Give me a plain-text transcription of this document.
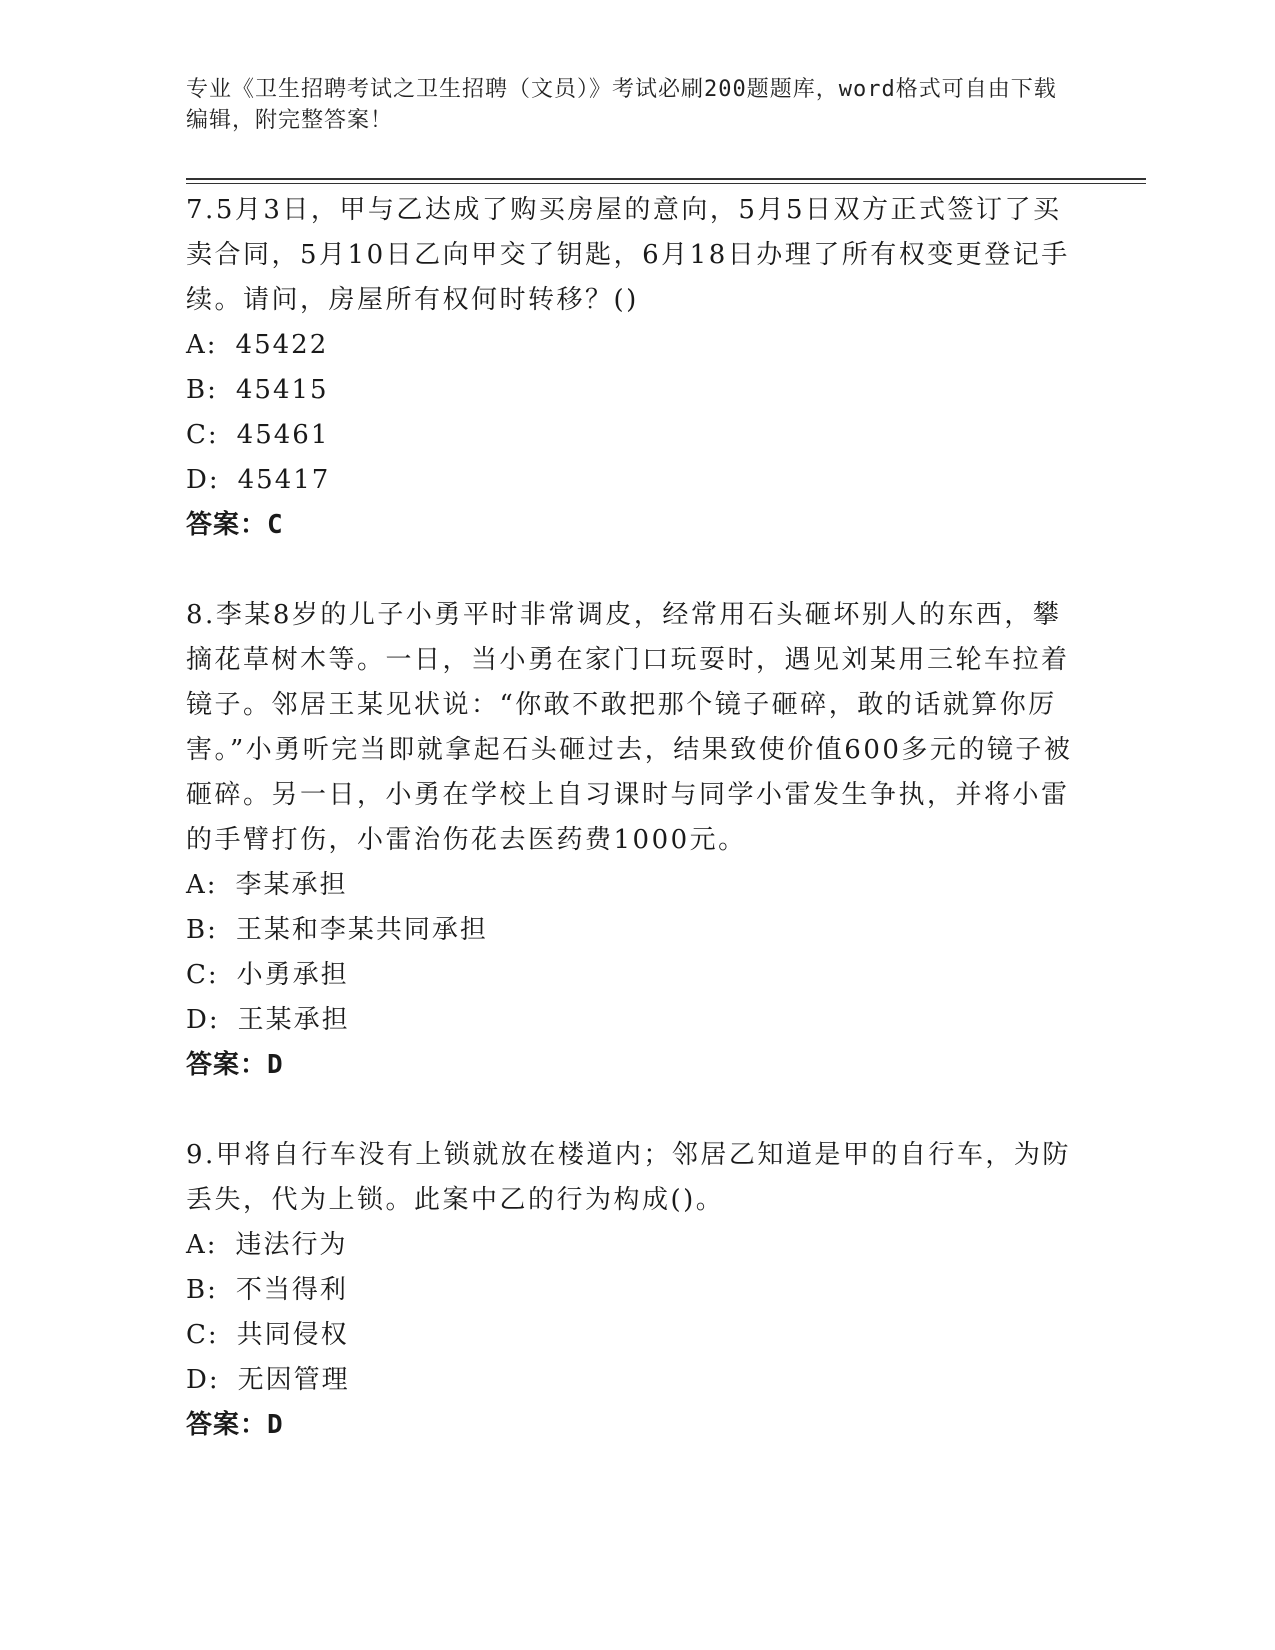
专业《卫生招聘考试之卫生招聘（文员）》考试必刷200题题库，word格式可自由下载编辑，附完整答案！

7.5月3日，甲与乙达成了购买房屋的意向，5月5日双方正式签订了买卖合同，5月10日乙向甲交了钥匙，6月18日办理了所有权变更登记手续。请问，房屋所有权何时转移？()

A: 45422

B: 45415

C: 45461

D: 45417

答案：C

8.李某8岁的儿子小勇平时非常调皮，经常用石头砸坏别人的东西，攀摘花草树木等。一日，当小勇在家门口玩耍时，遇见刘某用三轮车拉着镜子。邻居王某见状说：“你敢不敢把那个镜子砸碎，敢的话就算你厉害。”小勇听完当即就拿起石头砸过去，结果致使价值600多元的镜子被砸碎。另一日，小勇在学校上自习课时与同学小雷发生争执，并将小雷的手臂打伤，小雷治伤花去医药费1000元。

A: 李某承担

B: 王某和李某共同承担

C: 小勇承担

D: 王某承担

答案：D

9.甲将自行车没有上锁就放在楼道内；邻居乙知道是甲的自行车，为防丢失，代为上锁。此案中乙的行为构成()。

A: 违法行为

B: 不当得利

C: 共同侵权

D: 无因管理

答案：D
